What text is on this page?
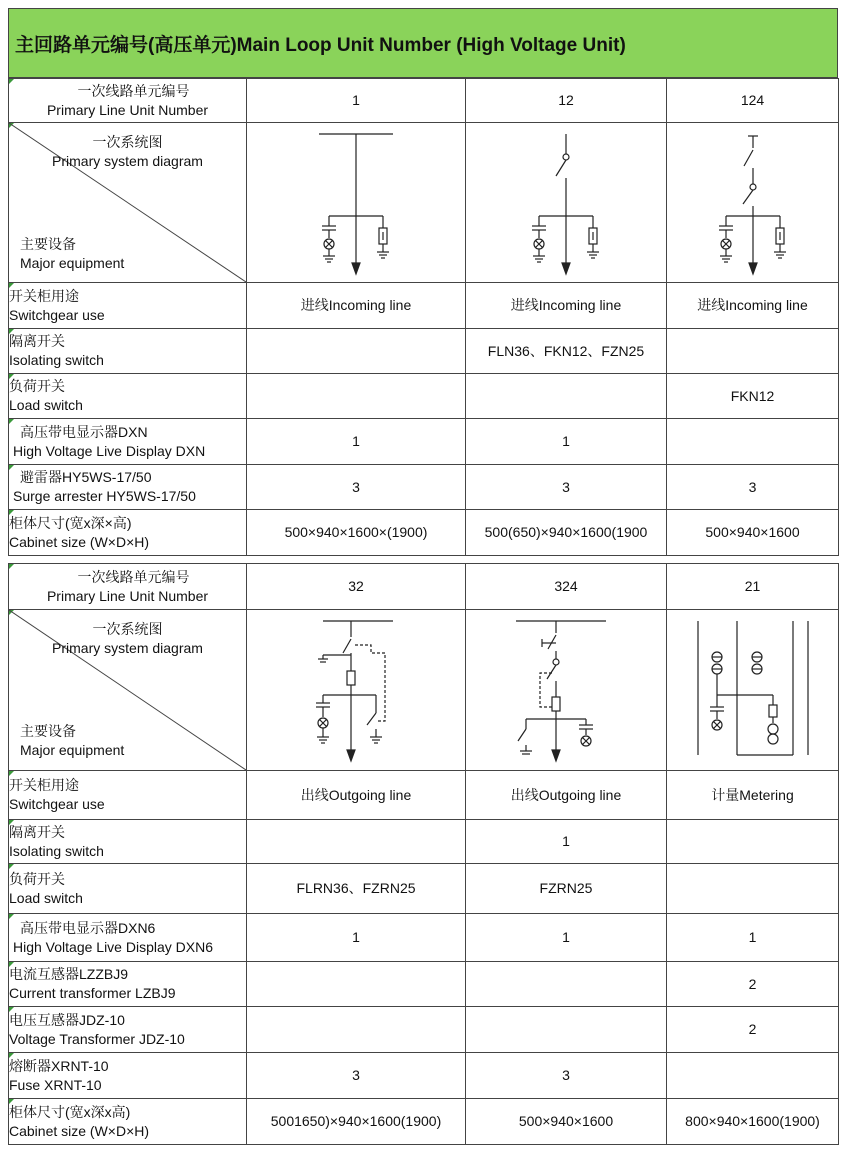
主回路单元编号(高压单元)Main Loop Unit Number (High Voltage Unit)
一次线路单元编号
Primary Line Unit Number	1	12	124

一次系统图
Primary system diagram
主要设备
Major equipment

开关柜用途
Switchgear use	进线Incoming line	进线Incoming line	进线Incoming line

隔离开关
Isolating switch		FLN36、FKN12、FZN25	

负荷开关
Load switch			FKN12

高压带电显示器DXN
High Voltage Live Display DXN	1	1	

避雷器HY5WS-17/50
Surge arrester HY5WS-17/50	3	3	3

柜体尺寸(宽x深×高)
Cabinet size (W×D×H)	500×940×1600×(1900)	500(650)×940×1600(1900	500×940×1600
一次线路单元编号
Primary Line Unit Number	32	324	21

一次系统图
Primary system diagram
主要设备
Major equipment

开关柜用途
Switchgear use	出线Outgoing line	出线Outgoing line	计量Metering

隔离开关
Isolating switch		1	

负荷开关
Load switch	FLRN36、FZRN25	FZRN25	

高压带电显示器DXN6
High Voltage Live Display DXN6	1	1	1

电流互感器LZZBJ9
Current transformer LZBJ9			2

电压互感器JDZ-10
Voltage Transformer JDZ-10			2

熔断器XRNT-10
Fuse XRNT-10	3	3	

柜体尺寸(宽x深x高)
Cabinet size (W×D×H)	5001650)×940×1600(1900)	500×940×1600	800×940×1600(1900)
